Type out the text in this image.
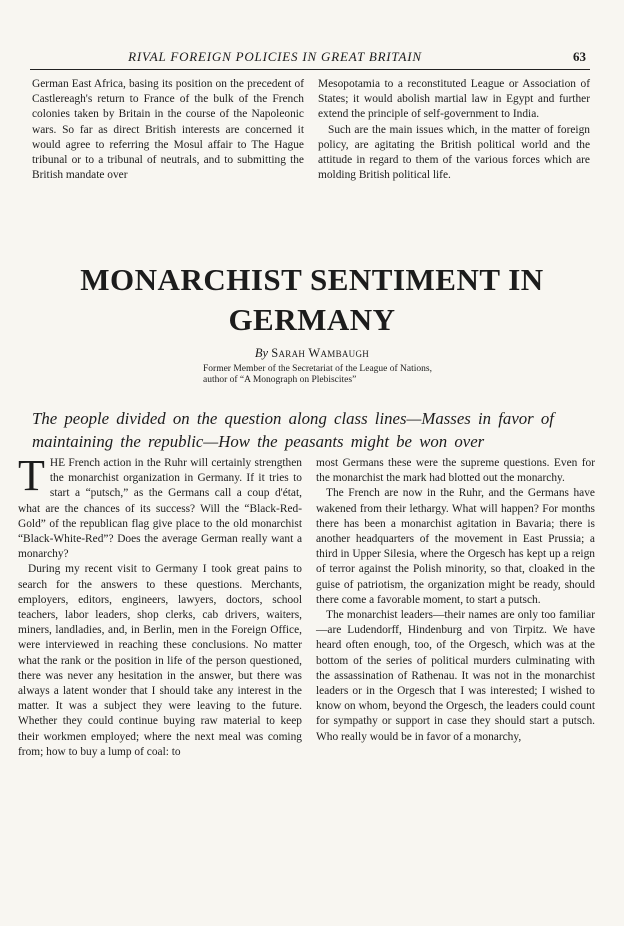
RIVAL FOREIGN POLICIES IN GREAT BRITAIN	63

German East Africa, basing its position on the precedent of Castlereagh's return to France of the bulk of the French colonies taken by Britain in the course of the Napoleonic wars. So far as direct British interests are concerned it would agree to referring the Mosul affair to The Hague tribunal or to a tribunal of neutrals, and to submitting the British mandate over

Mesopotamia to a reconstituted League or Association of States; it would abolish martial law in Egypt and further extend the principle of self-government to India.

Such are the main issues which, in the matter of foreign policy, are agitating the British political world and the attitude in regard to them of the various forces which are molding British political life.

MONARCHIST SENTIMENT IN
GERMANY
By Sarah Wambaugh
Former Member of the Secretariat of the League of Nations, author of “A Monograph on Plebiscites”

The people divided on the question along class lines—Masses in favor of maintaining the republic—How the peasants might be won over

THE French action in the Ruhr will certainly strengthen the monarchist organization in Germany. If it tries to start a “putsch,” as the Germans call a coup d'état, what are the chances of its success? Will the “Black-Red-Gold” of the republican flag give place to the old monarchist “Black-White-Red”? Does the average German really want a monarchy?

During my recent visit to Germany I took great pains to search for the answers to these questions. Merchants, employers, editors, engineers, lawyers, doctors, school teachers, labor leaders, shop clerks, cab drivers, waiters, miners, landladies, and, in Berlin, men in the Foreign Office, were interviewed in reaching these conclusions. No matter what the rank or the position in life of the person questioned, there was never any hesitation in the answer, but there was always a latent wonder that I should take any interest in the matter. It was a subject they were leaving to the future. Whether they could continue buying raw material to keep their workmen employed; where the next meal was coming from; how to buy a lump of coal: to

most Germans these were the supreme questions. Even for the monarchist the mark had blotted out the monarchy.

The French are now in the Ruhr, and the Germans have wakened from their lethargy. What will happen? For months there has been a monarchist agitation in Bavaria; there is another headquarters of the movement in East Prussia; a third in Upper Silesia, where the Orgesch has kept up a reign of terror against the Polish minority, so that, cloaked in the guise of patriotism, the organization might be ready, should there come a favorable moment, to start a putsch.

The monarchist leaders—their names are only too familiar—are Ludendorff, Hindenburg and von Tirpitz. We have heard often enough, too, of the Orgesch, which was at the bottom of the series of political murders culminating with the assassination of Rathenau. It was not in the monarchist leaders or in the Orgesch that I was interested; I wished to know on whom, beyond the Orgesch, the leaders could count for sympathy or support in case they should start a putsch. Who really would be in favor of a monarchy,
